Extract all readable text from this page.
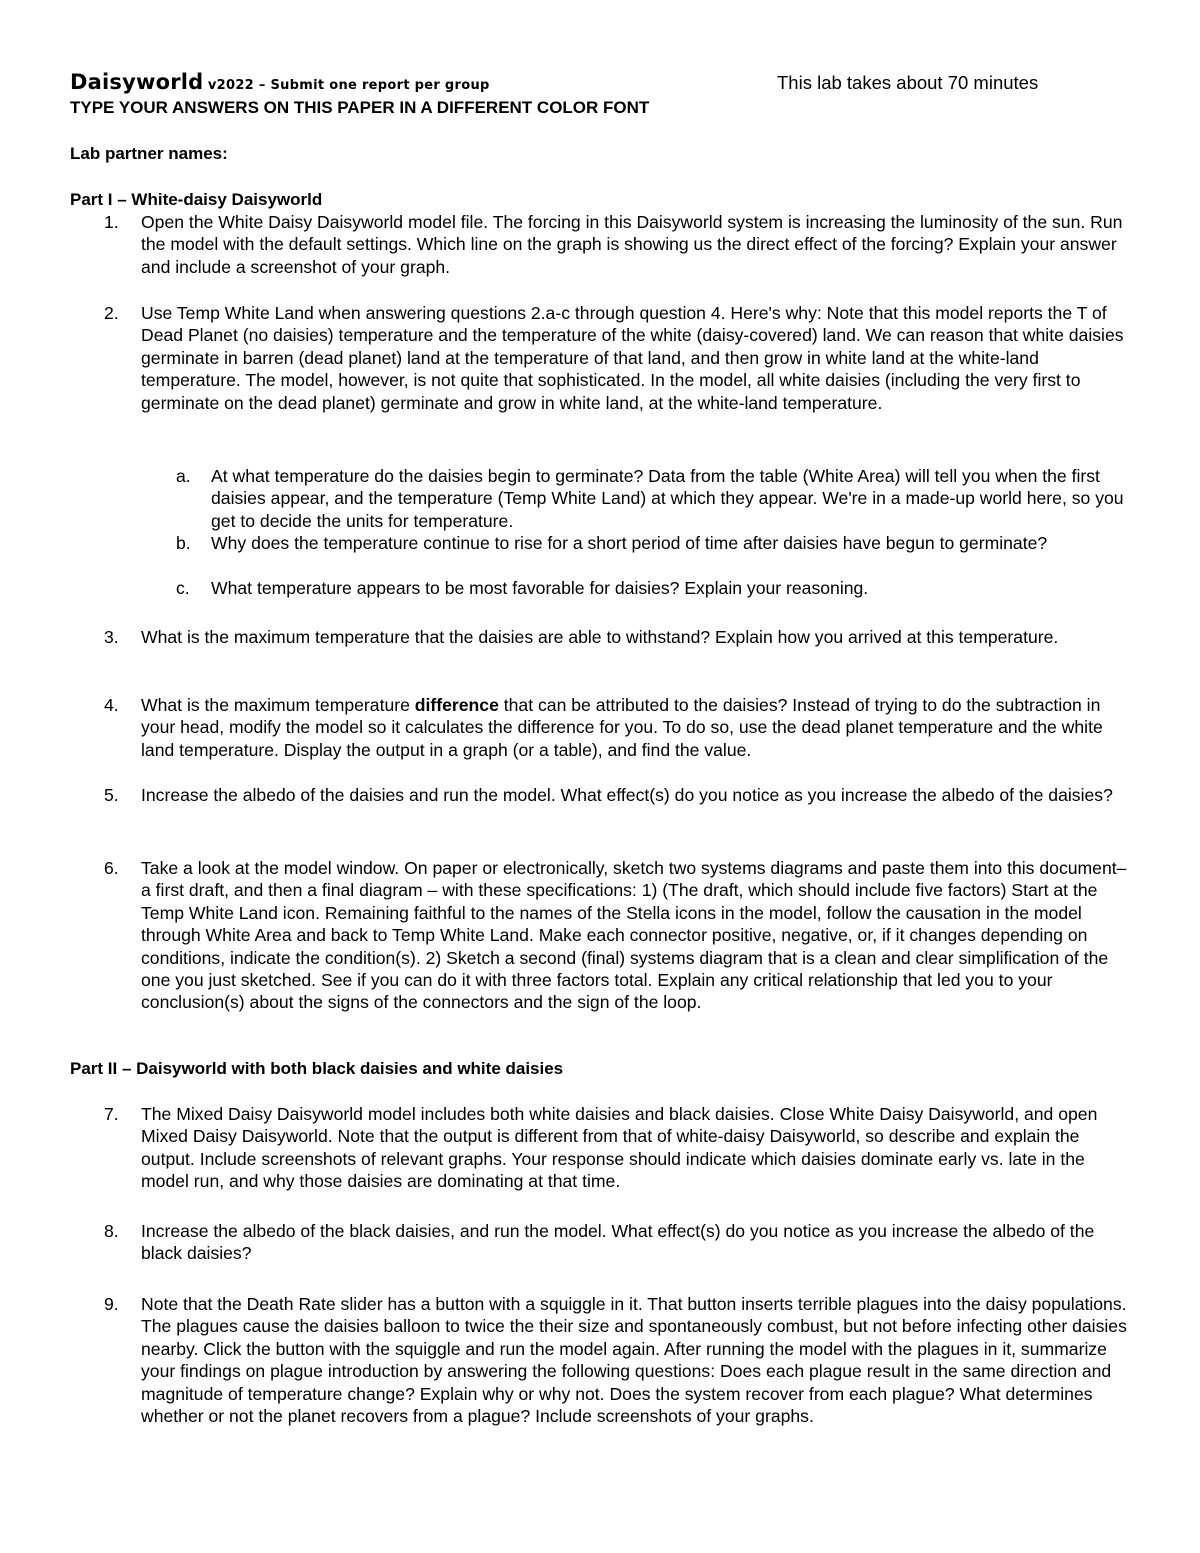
Daisyworld v2022 – Submit one report per group	This lab takes about 70 minutes
TYPE YOUR ANSWERS ON THIS PAPER IN A DIFFERENT COLOR FONT
Lab partner names:
Part I – White-daisy Daisyworld
1.	Open the White Daisy Daisyworld model file. The forcing in this Daisyworld system is increasing the luminosity of the sun. Run the model with the default settings. Which line on the graph is showing us the direct effect of the forcing? Explain your answer and include a screenshot of your graph.
2.	Use Temp White Land when answering questions 2.a-c through question 4. Here's why: Note that this model reports the T of Dead Planet (no daisies) temperature and the temperature of the white (daisy-covered) land. We can reason that white daisies germinate in barren (dead planet) land at the temperature of that land, and then grow in white land at the white-land temperature. The model, however, is not quite that sophisticated. In the model, all white daisies (including the very first to germinate on the dead planet) germinate and grow in white land, at the white-land temperature.
a. At what temperature do the daisies begin to germinate? Data from the table (White Area) will tell you when the first daisies appear, and the temperature (Temp White Land) at which they appear. We're in a made-up world here, so you get to decide the units for temperature.
b. Why does the temperature continue to rise for a short period of time after daisies have begun to germinate?
c. What temperature appears to be most favorable for daisies? Explain your reasoning.
3.	What is the maximum temperature that the daisies are able to withstand? Explain how you arrived at this temperature.
4.	What is the maximum temperature difference that can be attributed to the daisies? Instead of trying to do the subtraction in your head, modify the model so it calculates the difference for you. To do so, use the dead planet temperature and the white land temperature. Display the output in a graph (or a table), and find the value.
5.	Increase the albedo of the daisies and run the model. What effect(s) do you notice as you increase the albedo of the daisies?
6.	Take a look at the model window. On paper or electronically, sketch two systems diagrams and paste them into this document– a first draft, and then a final diagram – with these specifications: 1) (The draft, which should include five factors) Start at the Temp White Land icon. Remaining faithful to the names of the Stella icons in the model, follow the causation in the model through White Area and back to Temp White Land. Make each connector positive, negative, or, if it changes depending on conditions, indicate the condition(s). 2) Sketch a second (final) systems diagram that is a clean and clear simplification of the one you just sketched. See if you can do it with three factors total. Explain any critical relationship that led you to your conclusion(s) about the signs of the connectors and the sign of the loop.
Part II – Daisyworld with both black daisies and white daisies
7.	The Mixed Daisy Daisyworld model includes both white daisies and black daisies. Close White Daisy Daisyworld, and open Mixed Daisy Daisyworld. Note that the output is different from that of white-daisy Daisyworld, so describe and explain the output. Include screenshots of relevant graphs. Your response should indicate which daisies dominate early vs. late in the model run, and why those daisies are dominating at that time.
8.	Increase the albedo of the black daisies, and run the model. What effect(s) do you notice as you increase the albedo of the black daisies?
9.	Note that the Death Rate slider has a button with a squiggle in it. That button inserts terrible plagues into the daisy populations. The plagues cause the daisies balloon to twice the their size and spontaneously combust, but not before infecting other daisies nearby. Click the button with the squiggle and run the model again. After running the model with the plagues in it, summarize your findings on plague introduction by answering the following questions: Does each plague result in the same direction and magnitude of temperature change? Explain why or why not. Does the system recover from each plague? What determines whether or not the planet recovers from a plague? Include screenshots of your graphs.
